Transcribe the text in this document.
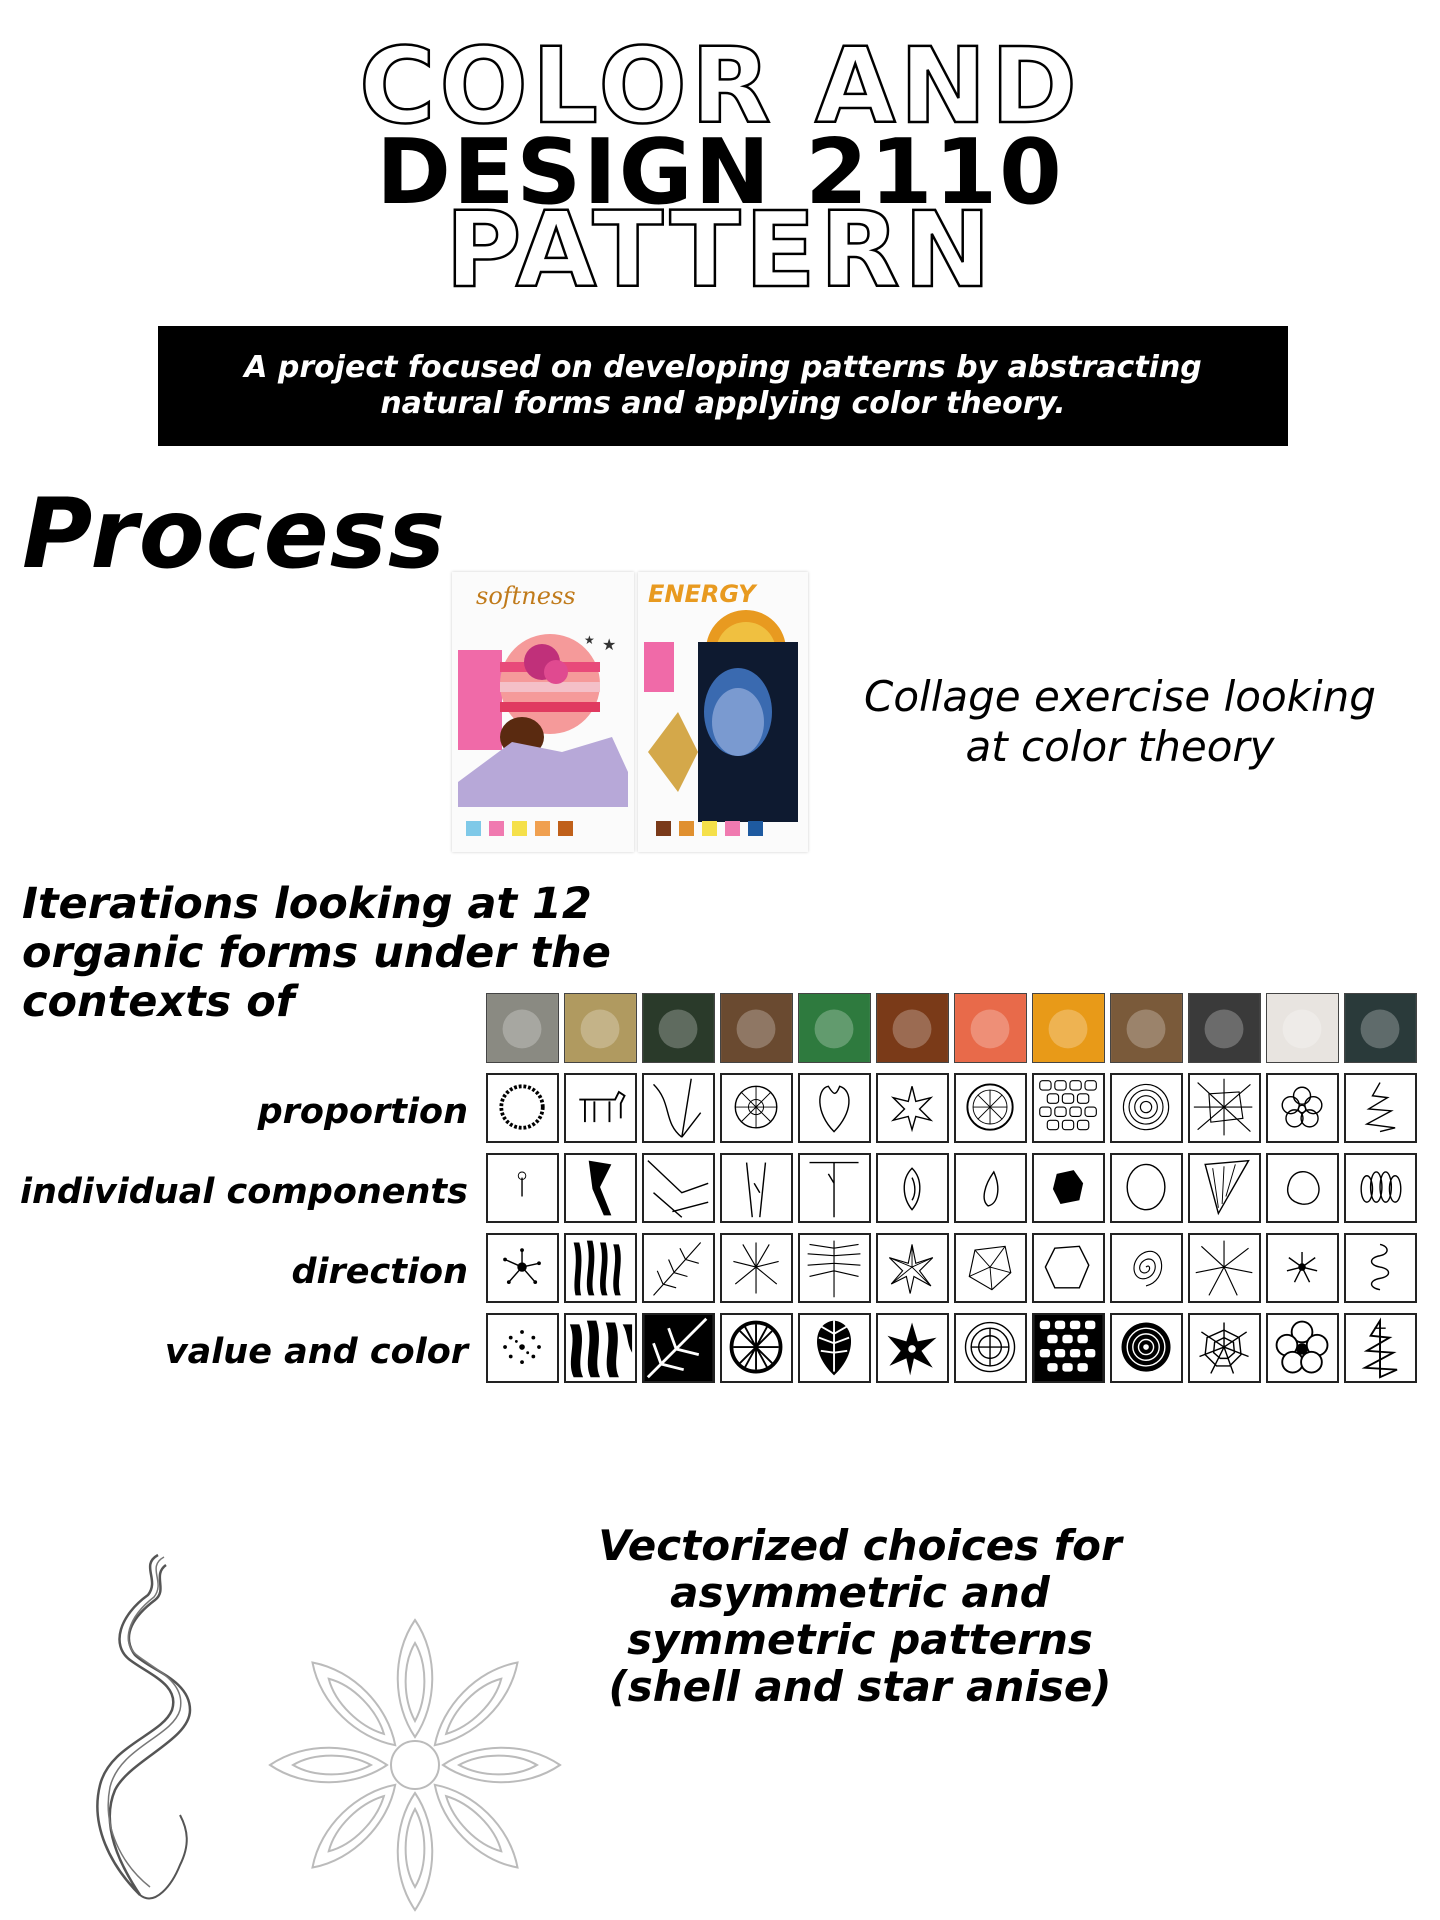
COLOR AND
DESIGN 2110
PATTERN
A project focused on developing patterns by abstracting natural forms and applying color theory.
Process
softness
★
★
ENERGY
Collage exercise looking at color theory
Iterations looking at 12 organic forms under the contexts of
proportion
individual components
direction
value and color
Vectorized choices for asymmetric and symmetric patterns (shell and star anise)
